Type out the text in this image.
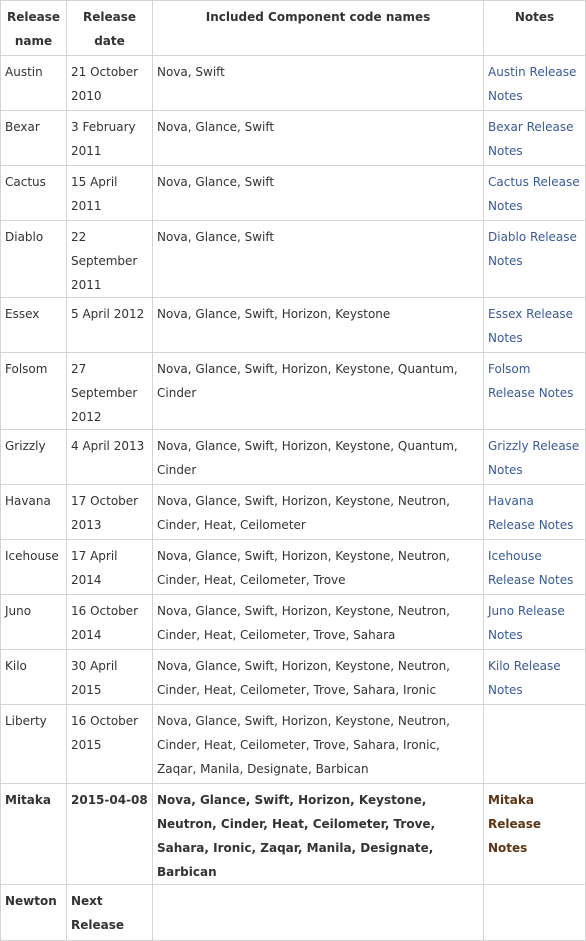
Release name	Release date	Included Component code names	Notes
Austin	21 October 2010	Nova, Swift	Austin Release Notes
Bexar	3 February 2011	Nova, Glance, Swift	Bexar Release Notes
Cactus	15 April 2011	Nova, Glance, Swift	Cactus Release Notes
Diablo	22 September 2011	Nova, Glance, Swift	Diablo Release Notes
Essex	5 April 2012	Nova, Glance, Swift, Horizon, Keystone	Essex Release Notes
Folsom	27 September 2012	Nova, Glance, Swift, Horizon, Keystone, Quantum, Cinder	Folsom Release Notes
Grizzly	4 April 2013	Nova, Glance, Swift, Horizon, Keystone, Quantum, Cinder	Grizzly Release Notes
Havana	17 October 2013	Nova, Glance, Swift, Horizon, Keystone, Neutron, Cinder, Heat, Ceilometer	Havana Release Notes
Icehouse	17 April 2014	Nova, Glance, Swift, Horizon, Keystone, Neutron, Cinder, Heat, Ceilometer, Trove	Icehouse Release Notes
Juno	16 October 2014	Nova, Glance, Swift, Horizon, Keystone, Neutron, Cinder, Heat, Ceilometer, Trove, Sahara	Juno Release Notes
Kilo	30 April 2015	Nova, Glance, Swift, Horizon, Keystone, Neutron, Cinder, Heat, Ceilometer, Trove, Sahara, Ironic	Kilo Release Notes
Liberty	16 October 2015	Nova, Glance, Swift, Horizon, Keystone, Neutron, Cinder, Heat, Ceilometer, Trove, Sahara, Ironic, Zaqar, Manila, Designate, Barbican	
Mitaka	2015-04-08	Nova, Glance, Swift, Horizon, Keystone, Neutron, Cinder, Heat, Ceilometer, Trove, Sahara, Ironic, Zaqar, Manila, Designate, Barbican	Mitaka Release Notes
Newton	Next Release		
